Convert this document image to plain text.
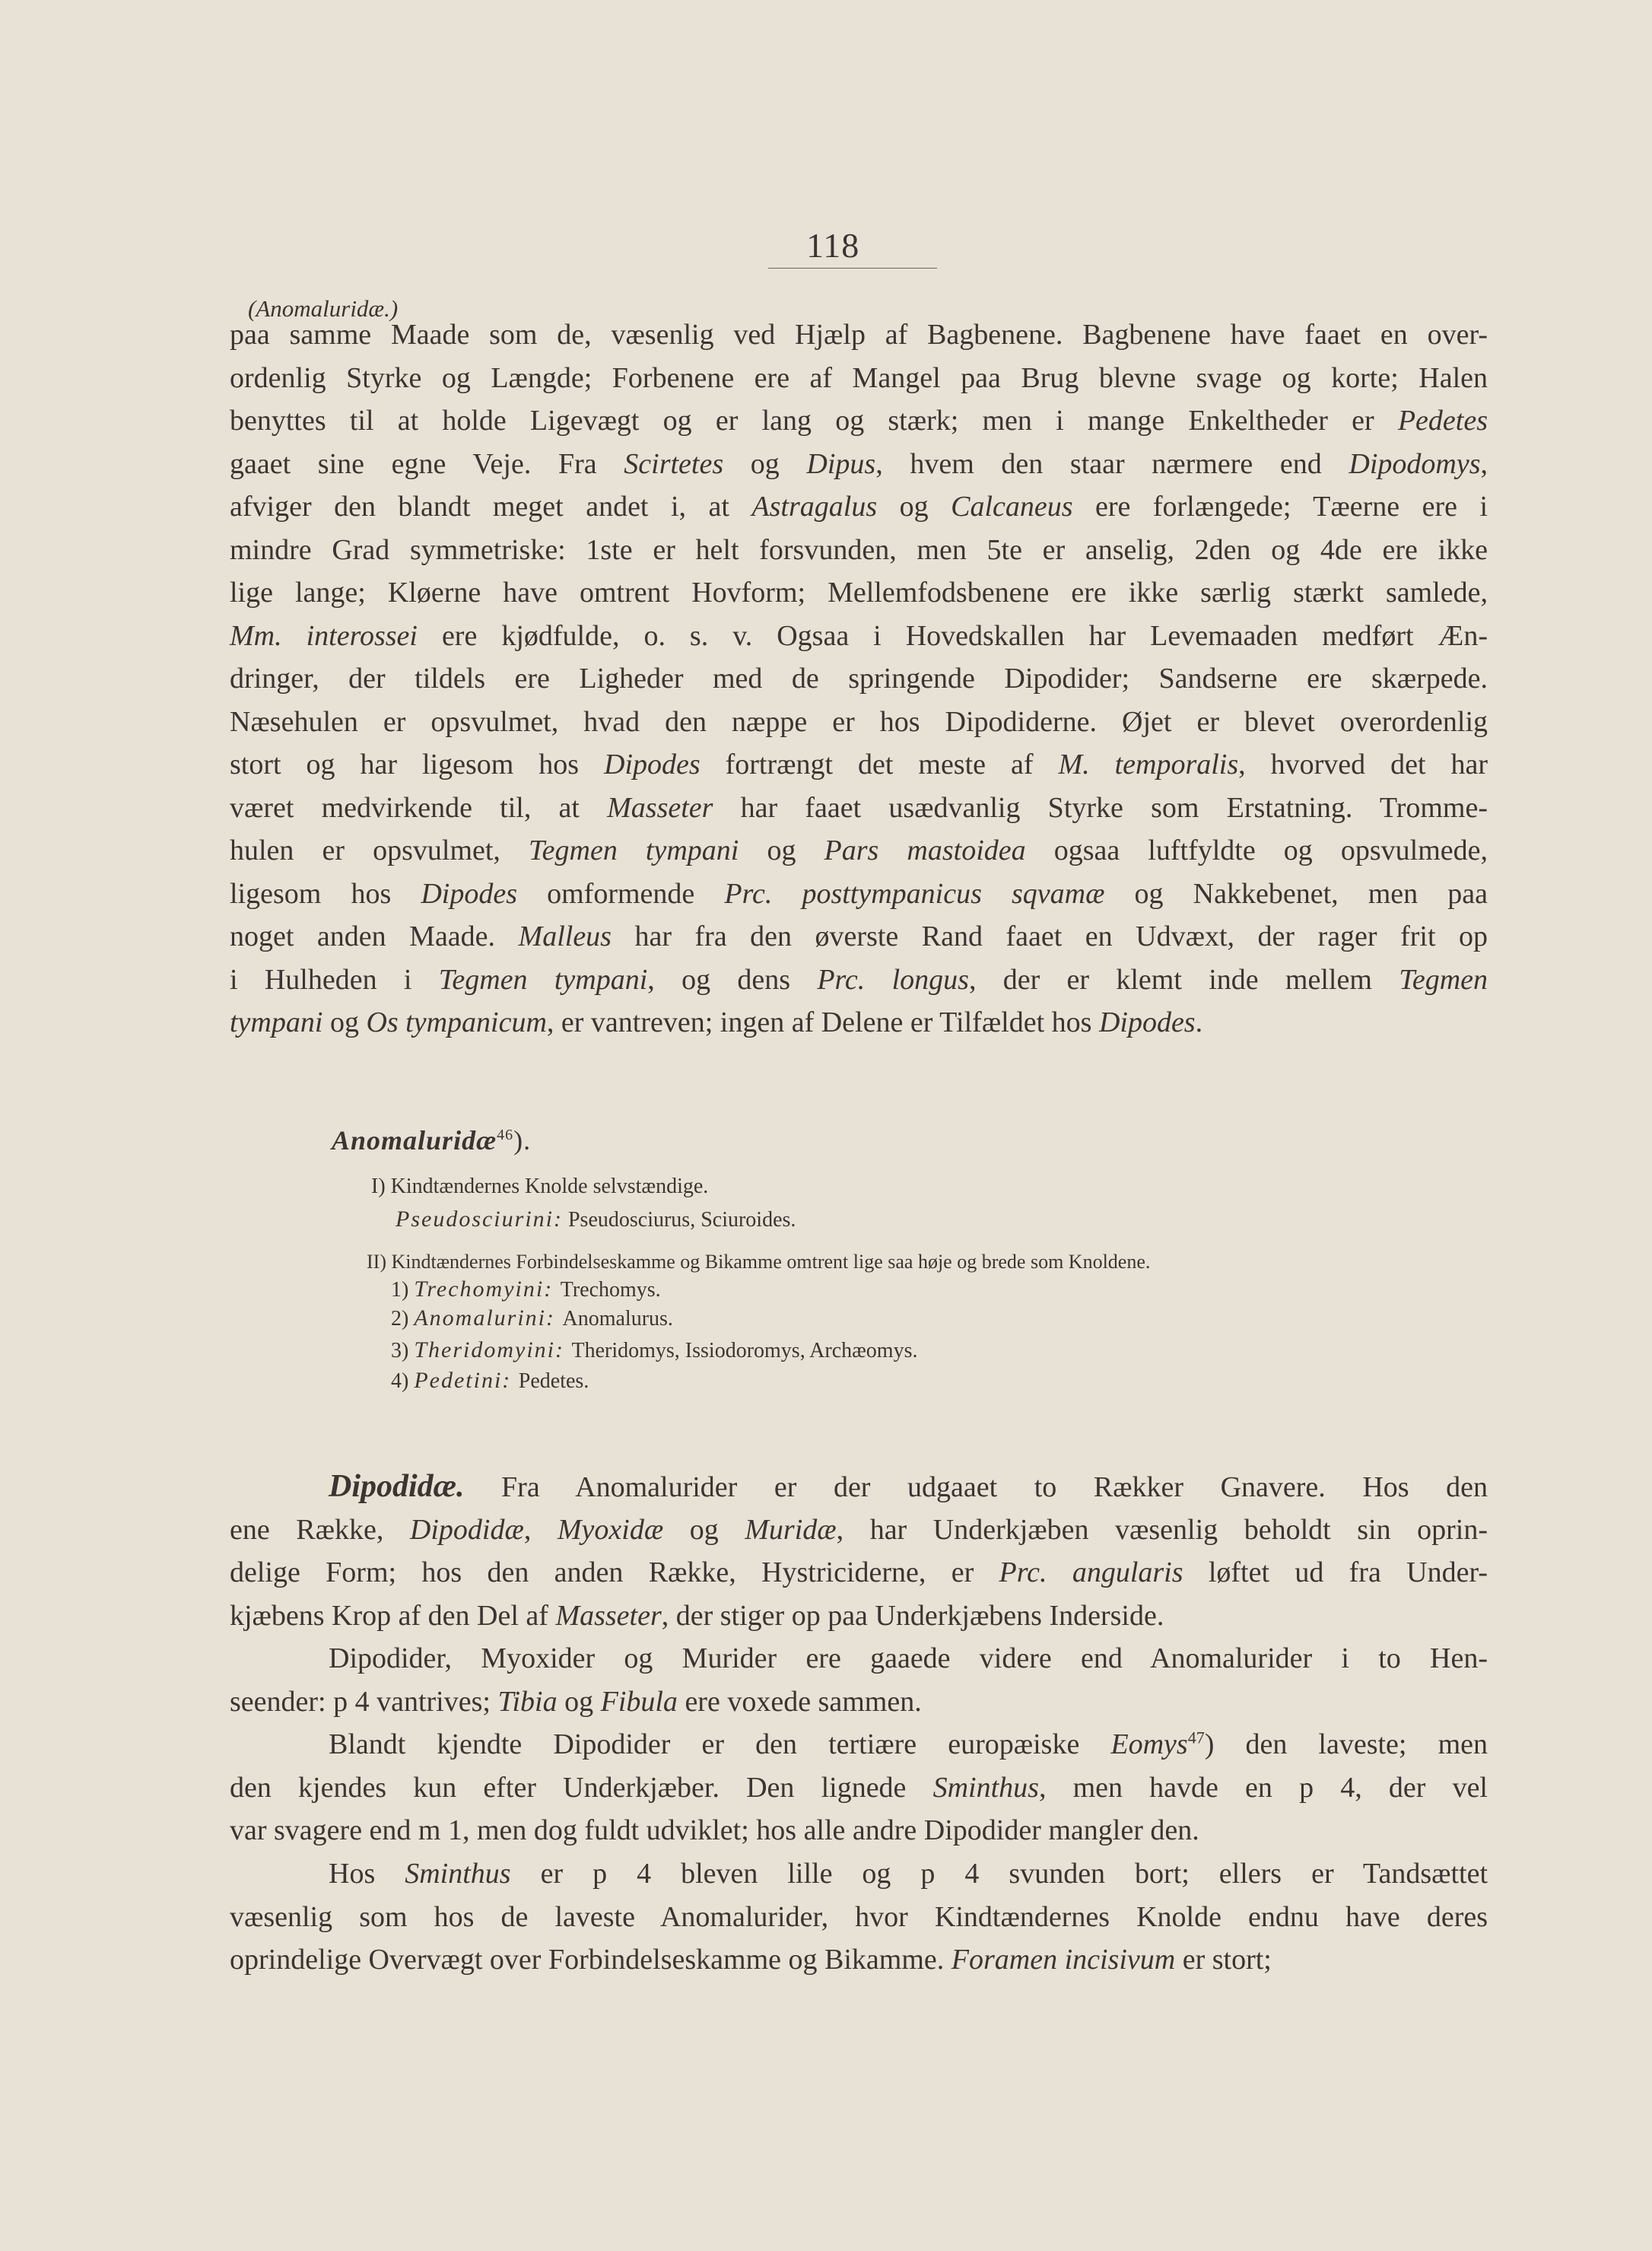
118
(Anomaluridæ.)
paa samme Maade som de, væsenlig ved Hjælp af Bagbenene. Bagbenene have faaet en over-
ordenlig Styrke og Længde; Forbenene ere af Mangel paa Brug blevne svage og korte; Halen
benyttes til at holde Ligevægt og er lang og stærk; men i mange Enkeltheder er Pedetes
gaaet sine egne Veje. Fra Scirtetes og Dipus, hvem den staar nærmere end Dipodomys,
afviger den blandt meget andet i, at Astragalus og Calcaneus ere forlængede; Tæerne ere i
mindre Grad symmetriske: 1ste er helt forsvunden, men 5te er anselig, 2den og 4de ere ikke
lige lange; Kløerne have omtrent Hovform; Mellemfodsbenene ere ikke særlig stærkt samlede,
Mm. interossei ere kjødfulde, o. s. v. Ogsaa i Hovedskallen har Levemaaden medført Æn-
dringer, der tildels ere Ligheder med de springende Dipodider; Sandserne ere skærpede.
Næsehulen er opsvulmet, hvad den næppe er hos Dipodiderne. Øjet er blevet overordenlig
stort og har ligesom hos Dipodes fortrængt det meste af M. temporalis, hvorved det har
været medvirkende til, at Masseter har faaet usædvanlig Styrke som Erstatning. Tromme-
hulen er opsvulmet, Tegmen tympani og Pars mastoidea ogsaa luftfyldte og opsvulmede,
ligesom hos Dipodes omformende Prc. posttympanicus sqvamæ og Nakkebenet, men paa
noget anden Maade. Malleus har fra den øverste Rand faaet en Udvæxt, der rager frit op
i Hulheden i Tegmen tympani, og dens Prc. longus, der er klemt inde mellem Tegmen
tympani og Os tympanicum, er vantreven; ingen af Delene er Tilfældet hos Dipodes.
Anomaluridæ$^{46}$).
I) Kindtændernes Knolde selvstændige.
Pseudosciurini: Pseudosciurus, Sciuroides.
II) Kindtændernes Forbindelseskamme og Bikamme omtrent lige saa høje og brede som Knoldene.
1) Trechomyini: Trechomys.
2) Anomalurini: Anomalurus.
3) Theridomyini: Theridomys, Issiodoromys, Archæomys.
4) Pedetini: Pedetes.
Dipodidæ. Fra Anomalurider er der udgaaet to Rækker Gnavere. Hos den
ene Række, Dipodidæ, Myoxidæ og Muridæ, har Underkjæben væsenlig beholdt sin oprin-
delige Form; hos den anden Række, Hystriciderne, er Prc. angularis løftet ud fra Under-
kjæbens Krop af den Del af Masseter, der stiger op paa Underkjæbens Inderside.
Dipodider, Myoxider og Murider ere gaaede videre end Anomalurider i to Hen-
seender: p 4 vantrives; Tibia og Fibula ere voxede sammen.
Blandt kjendte Dipodider er den tertiære europæiske Eomys$^{47}$) den laveste; men
den kjendes kun efter Underkjæber. Den lignede Sminthus, men havde en p 4, der vel
var svagere end m 1, men dog fuldt udviklet; hos alle andre Dipodider mangler den.
Hos Sminthus er p 4 bleven lille og p 4 svunden bort; ellers er Tandsættet
væsenlig som hos de laveste Anomalurider, hvor Kindtændernes Knolde endnu have deres
oprindelige Overvægt over Forbindelseskamme og Bikamme. Foramen incisivum er stort;
